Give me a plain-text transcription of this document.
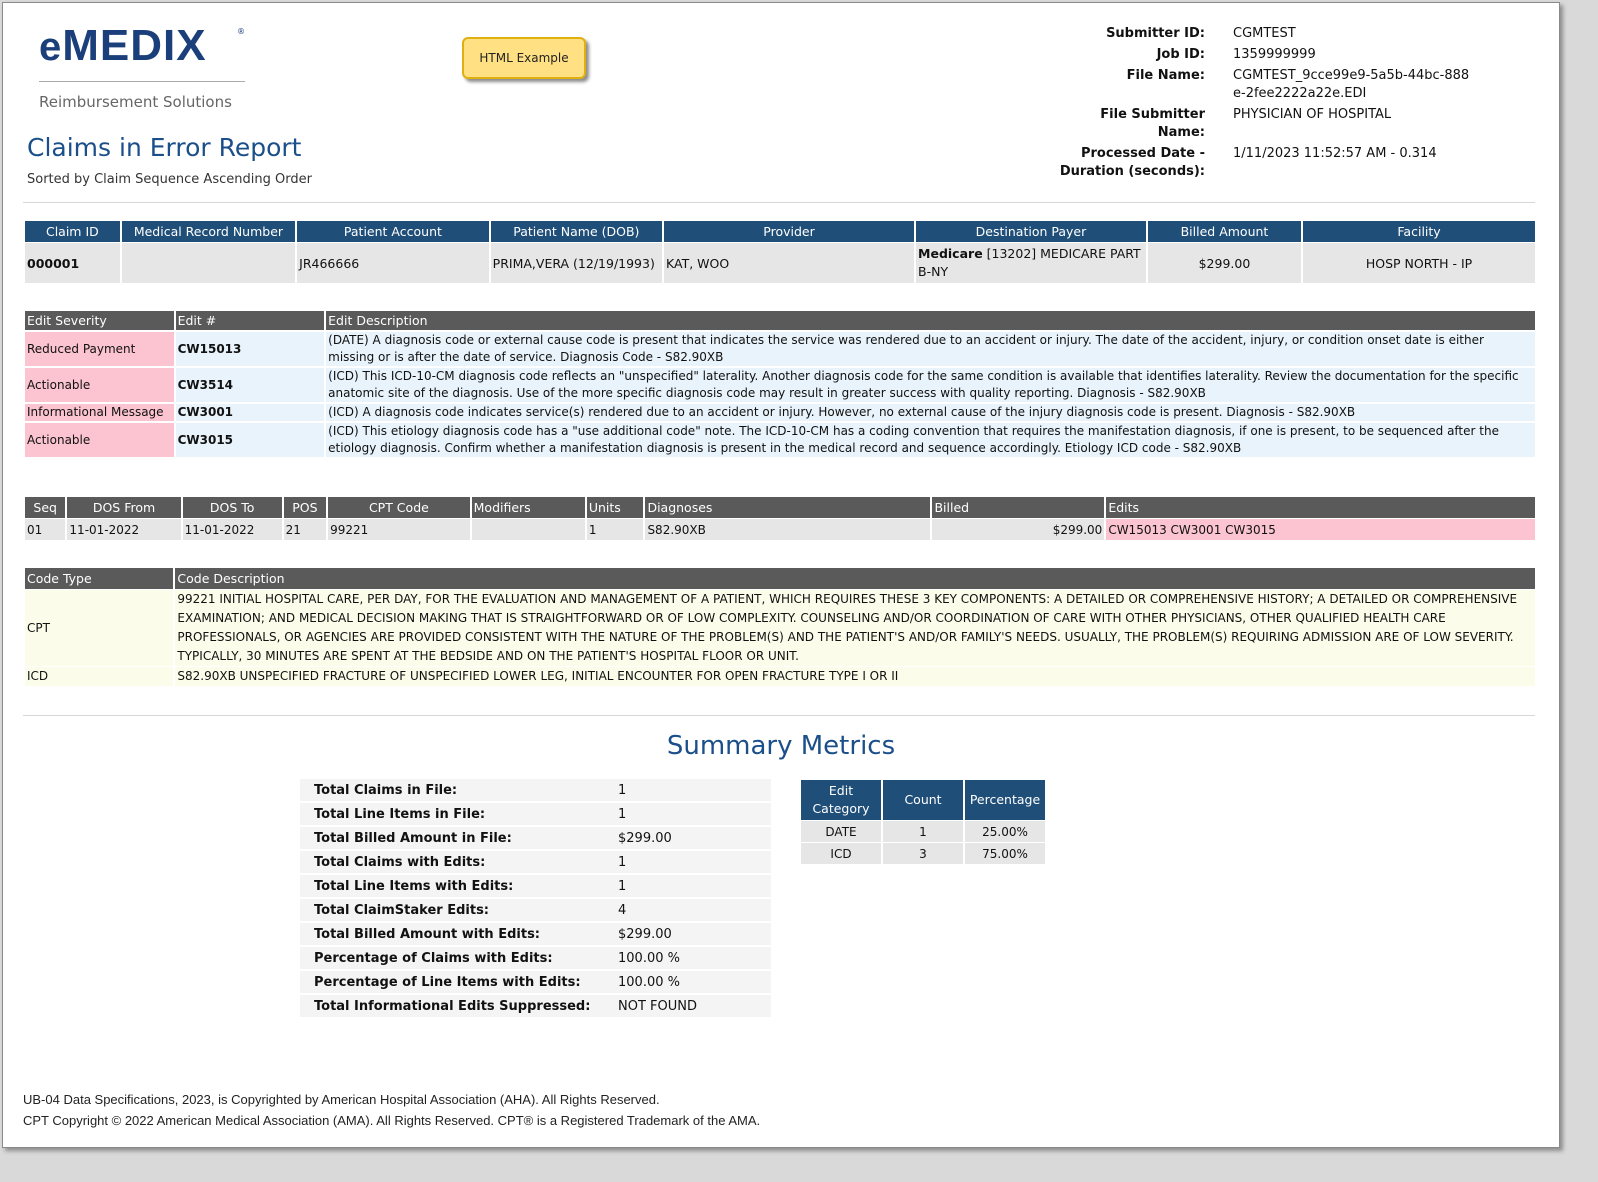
eMEDIX	®
Reimbursement Solutions
HTML Example
Claims in Error Report
Sorted by Claim Sequence Ascending Order
Submitter ID:	CGMTEST
Job ID:	1359999999
File Name:	CGMTEST_9cce99e9-5a5b-44bc-888e-2fee2222a22e.EDI
File Submitter Name:
PHYSICIAN OF HOSPITAL
Processed Date - Duration (seconds):
1/11/2023 11:52:57 AM - 0.314
Claim ID	Medical Record Number	Patient Account	Patient Name (DOB)	Provider	Destination Payer	Billed Amount	Facility
000001		JR466666	PRIMA,VERA (12/19/1993)	KAT, WOO	Medicare [13202] MEDICARE PART B-NY	$299.00	HOSP NORTH - IP
Edit Severity	Edit #	Edit Description
Reduced Payment	CW15013	(DATE) A diagnosis code or external cause code is present that indicates the service was rendered due to an accident or injury. The date of the accident, injury, or condition onset date is either missing or is after the date of service. Diagnosis Code - S82.90XB
Actionable	CW3514	(ICD) This ICD-10-CM diagnosis code reflects an "unspecified" laterality. Another diagnosis code for the same condition is available that identifies laterality. Review the documentation for the specific anatomic site of the diagnosis. Use of the more specific diagnosis code may result in greater success with quality reporting. Diagnosis - S82.90XB
Informational Message	CW3001	(ICD) A diagnosis code indicates service(s) rendered due to an accident or injury. However, no external cause of the injury diagnosis code is present. Diagnosis - S82.90XB
Actionable	CW3015	(ICD) This etiology diagnosis code has a "use additional code" note. The ICD-10-CM has a coding convention that requires the manifestation diagnosis, if one is present, to be sequenced after the etiology diagnosis. Confirm whether a manifestation diagnosis is present in the medical record and sequence accordingly. Etiology ICD code - S82.90XB
Seq	DOS From	DOS To	POS	CPT Code	Modifiers	Units	Diagnoses	Billed	Edits
01	11-01-2022	11-01-2022	21	99221		1	S82.90XB	$299.00	CW15013 CW3001 CW3015
Code Type	Code Description
CPT	99221 INITIAL HOSPITAL CARE, PER DAY, FOR THE EVALUATION AND MANAGEMENT OF A PATIENT, WHICH REQUIRES THESE 3 KEY COMPONENTS: A DETAILED OR COMPREHENSIVE HISTORY; A DETAILED OR COMPREHENSIVE EXAMINATION; AND MEDICAL DECISION MAKING THAT IS STRAIGHTFORWARD OR OF LOW COMPLEXITY. COUNSELING AND/OR COORDINATION OF CARE WITH OTHER PHYSICIANS, OTHER QUALIFIED HEALTH CARE PROFESSIONALS, OR AGENCIES ARE PROVIDED CONSISTENT WITH THE NATURE OF THE PROBLEM(S) AND THE PATIENT'S AND/OR FAMILY'S NEEDS. USUALLY, THE PROBLEM(S) REQUIRING ADMISSION ARE OF LOW SEVERITY. TYPICALLY, 30 MINUTES ARE SPENT AT THE BEDSIDE AND ON THE PATIENT'S HOSPITAL FLOOR OR UNIT.
ICD	S82.90XB UNSPECIFIED FRACTURE OF UNSPECIFIED LOWER LEG, INITIAL ENCOUNTER FOR OPEN FRACTURE TYPE I OR II
Summary Metrics
Total Claims in File:	1
Total Line Items in File:	1
Total Billed Amount in File:	$299.00
Total Claims with Edits:	1
Total Line Items with Edits:	1
Total ClaimStaker Edits:	4
Total Billed Amount with Edits:	$299.00
Percentage of Claims with Edits:	100.00 %
Percentage of Line Items with Edits:	100.00 %
Total Informational Edits Suppressed:	NOT FOUND
Edit Category	Count	Percentage
DATE	1	25.00%
ICD	3	75.00%
UB-04 Data Specifications, 2023, is Copyrighted by American Hospital Association (AHA). All Rights Reserved.
CPT Copyright © 2022 American Medical Association (AMA). All Rights Reserved. CPT® is a Registered Trademark of the AMA.
